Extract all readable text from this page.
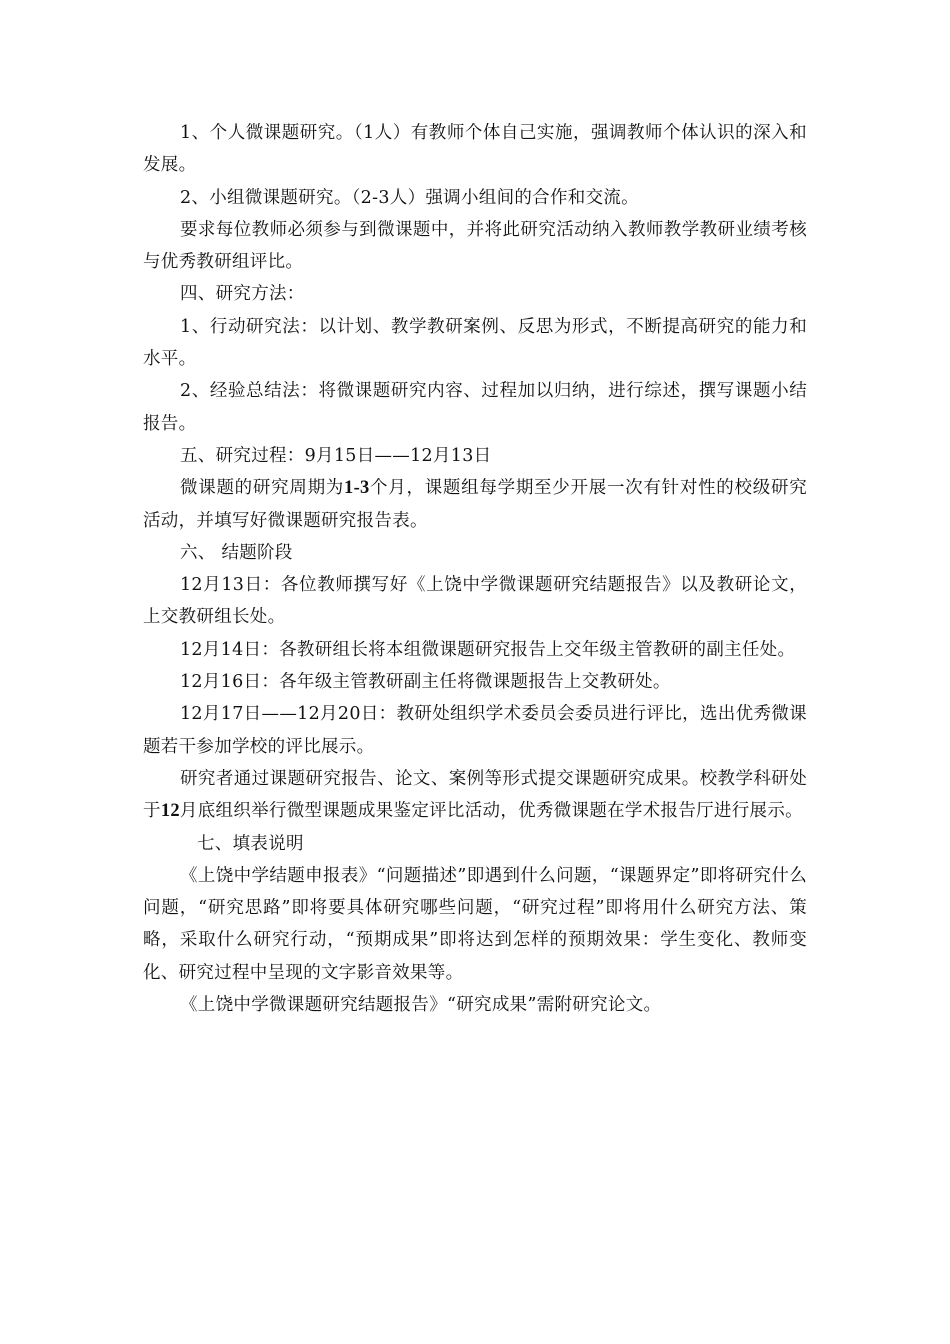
1、个人微课题研究。（1人）有教师个体自己实施，强调教师个体认识的深入和发展。

2、小组微课题研究。（2-3人）强调小组间的合作和交流。

要求每位教师必须参与到微课题中，并将此研究活动纳入教师教学教研业绩考核与优秀教研组评比。

四、研究方法：

1、行动研究法：以计划、教学教研案例、反思为形式，不断提高研究的能力和水平。

2、经验总结法：将微课题研究内容、过程加以归纳，进行综述，撰写课题小结报告。

五、研究过程：9月15日——12月13日

微课题的研究周期为1-3个月，课题组每学期至少开展一次有针对性的校级研究活动，并填写好微课题研究报告表。

六、 结题阶段

12月13日：各位教师撰写好《上饶中学微课题研究结题报告》以及教研论文，上交教研组长处。

12月14日：各教研组长将本组微课题研究报告上交年级主管教研的副主任处。

12月16日：各年级主管教研副主任将微课题报告上交教研处。

12月17日——12月20日：教研处组织学术委员会委员进行评比，选出优秀微课题若干参加学校的评比展示。

研究者通过课题研究报告、论文、案例等形式提交课题研究成果。校教学科研处于12月底组织举行微型课题成果鉴定评比活动，优秀微课题在学术报告厅进行展示。

七、填表说明

《上饶中学结题申报表》“问题描述”即遇到什么问题，“课题界定”即将研究什么问题，“研究思路”即将要具体研究哪些问题，“研究过程”即将用什么研究方法、策略，采取什么研究行动，“预期成果”即将达到怎样的预期效果：学生变化、教师变化、研究过程中呈现的文字影音效果等。

《上饶中学微课题研究结题报告》“研究成果”需附研究论文。
